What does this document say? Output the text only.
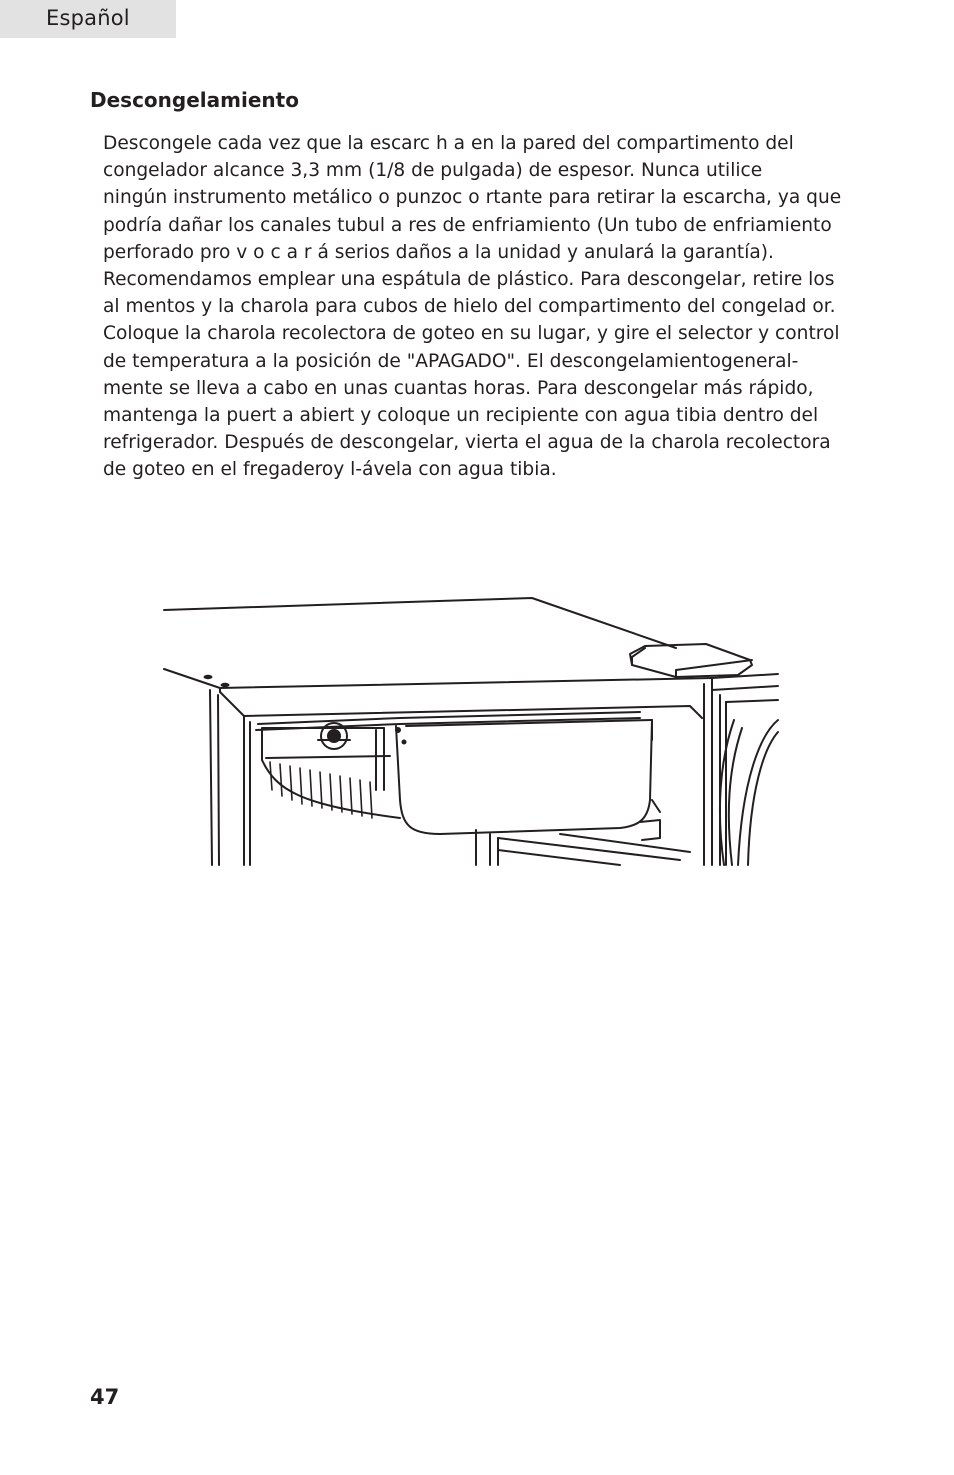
Español
Descongelamiento
Descongele cada vez que la escarc h a en la pared del compartimento del
congelador alcance 3,3 mm (1/8 de pulgada) de espesor. Nunca utilice
ningún instrumento metálico o punzoc o rtante para retirar la escarcha, ya que
podría dañar los canales tubul a res de enfriamiento (Un tubo de enfriamiento
perforado pro v o c a r á serios daños a la unidad y anulará la garantía).
Recomendamos emplear una espátula de plástico. Para descongelar, retire los
al mentos y la charola para cubos de hielo del compartimento del congelad or.
Coloque la charola recolectora de goteo en su lugar, y gire el selector y control
de temperatura a la posición de "APAGADO". El descongelamientogeneral-
mente se lleva a cabo en unas cuantas horas. Para descongelar más rápido,
mantenga la puert a abiert y coloque un recipiente con agua tibia dentro del
refrigerador. Después de descongelar, vierta el agua de la charola recolectora
de goteo en el fregaderoy l-ávela con agua tibia.

47
